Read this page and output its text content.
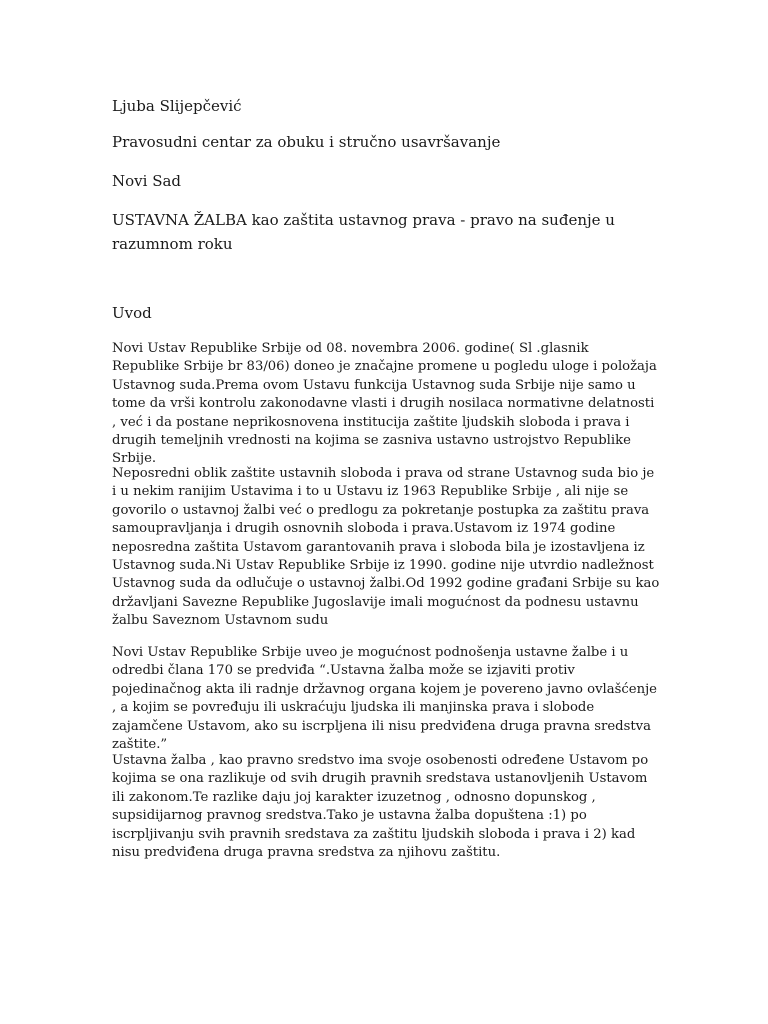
Ljuba Slijepčević
Pravosudni centar za obuku i stručno usavršavanje
Novi Sad
USTAVNA ŽALBA kao zaštita ustavnog prava - pravo na suđenje u razumnom roku
Uvod
Novi Ustav Republike Srbije od 08. novembra 2006. godine( Sl .glasnik Republike Srbije br 83/06) doneo je značajne promene u pogledu uloge i položaja Ustavnog suda.Prema ovom Ustavu funkcija Ustavnog suda Srbije nije samo u tome da vrši kontrolu zakonodavne vlasti i drugih nosilaca normativne delatnosti , već i da postane neprikosnovena institucija zaštite ljudskih sloboda i prava i drugih temeljnih vrednosti na kojima se zasniva ustavno ustrojstvo Republike Srbije.
Neposredni oblik zaštite ustavnih sloboda i prava od strane Ustavnog suda bio je i u nekim ranijim Ustavima i to u Ustavu iz 1963 Republike Srbije , ali nije se govorilo o ustavnoj žalbi već o predlogu za pokretanje postupka za zaštitu prava samoupravljanja i drugih osnovnih sloboda i prava.Ustavom iz 1974 godine neposredna zaštita Ustavom garantovanih prava i sloboda bila je izostavljena iz Ustavnog suda.Ni Ustav Republike Srbije iz 1990. godine nije utvrdio nadležnost Ustavnog suda da odlučuje o ustavnoj žalbi.Od 1992 godine građani Srbije su kao državljani Savezne Republike Jugoslavije imali mogućnost da podnesu ustavnu žalbu Saveznom Ustavnom sudu
Novi Ustav Republike Srbije uveo je mogućnost podnošenja ustavne žalbe i u odredbi člana 170 se predviđa “.Ustavna žalba može se izjaviti protiv pojedinačnog akta ili radnje državnog organa kojem je povereno javno ovlašćenje , a kojim se povređuju ili uskraćuju ljudska ili manjinska prava i slobode zajamčene Ustavom, ako su iscrpljena ili nisu predviđena druga pravna sredstva zaštite.”
Ustavna žalba , kao pravno sredstvo ima svoje osobenosti određene Ustavom po kojima se ona razlikuje od svih drugih pravnih sredstava ustanovljenih Ustavom ili zakonom.Te razlike daju joj karakter izuzetnog , odnosno dopunskog , supsidijarnog pravnog sredstva.Tako je ustavna žalba dopuštena :1) po iscrpljivanju svih pravnih sredstava za zaštitu ljudskih sloboda i prava i 2) kad nisu predviđena druga pravna sredstva za njihovu zaštitu.
